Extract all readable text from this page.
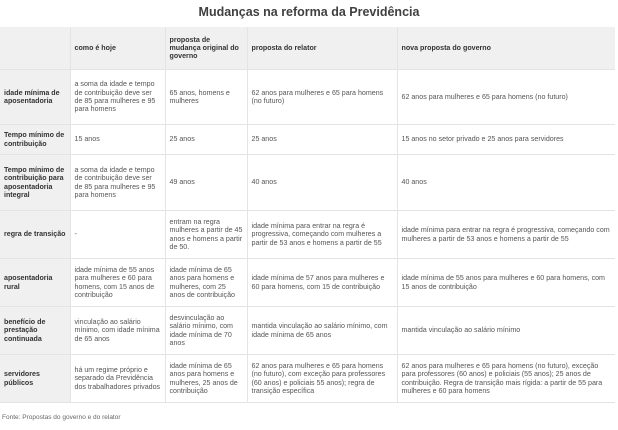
Mudanças na reforma da Previdência
	como é hoje	proposta de mudança original do governo	proposta do relator	nova proposta do governo
idade mínima de aposentadoria	a soma da idade e tempo de contribuição deve ser de 85 para mulheres e 95 para homens	65 anos, homens e mulheres	62 anos para mulheres e 65 para homens (no futuro)	62 anos para mulheres e 65 para homens (no futuro)
Tempo mínimo de contribuição	15 anos	25 anos	25 anos	15 anos no setor privado e 25 anos para servidores
Tempo mínimo de contribuição para aposentadoria integral	a soma da idade e tempo de contribuição deve ser de 85 para mulheres e 95 para homens	49 anos	40 anos	40 anos
regra de transição	-	entram na regra mulheres a partir de 45 anos e homens a partir de 50.	idade mínima para entrar na regra é progressiva, começando com mulheres a partir de 53 anos e homens a partir de 55	idade mínima para entrar na regra é progressiva, começando com mulheres a partir de 53 anos e homens a partir de 55
aposentadoria rural	idade mínima de 55 anos para mulheres e 60 para homens, com 15 anos de contribuição	idade mínima de 65 anos para homens e mulheres, com 25 anos de contribuição	idade mínima de 57 anos para mulheres e 60 para homens, com 15 de contribuição	idade mínima de 55 anos para mulheres e 60 para homens, com 15 anos de contribuição
benefício de prestação continuada	vinculação ao salário mínimo, com idade mínima de 65 anos	desvinculação ao salário mínimo, com idade mínima de 70 anos	mantida vinculação ao salário mínimo, com idade mínima de 65 anos	mantida vinculação ao salário mínimo
servidores públicos	há um regime próprio e separado da Previdência dos trabalhadores privados	idade mínima de 65 anos para homens e mulheres, 25 anos de contribuição	62 anos para mulheres e 65 para homens (no futuro), com exceção para professores (60 anos) e policiais 55 anos); regra de transição específica	62 anos para mulheres e 65 para homens (no futuro), exceção para professores (60 anos) e policiais (55 anos); 25 anos de contribuição. Regra de transição mais rígida: a partir de 55 para mulheres e 60 para homens
Fonte: Propostas do governo e do relator
